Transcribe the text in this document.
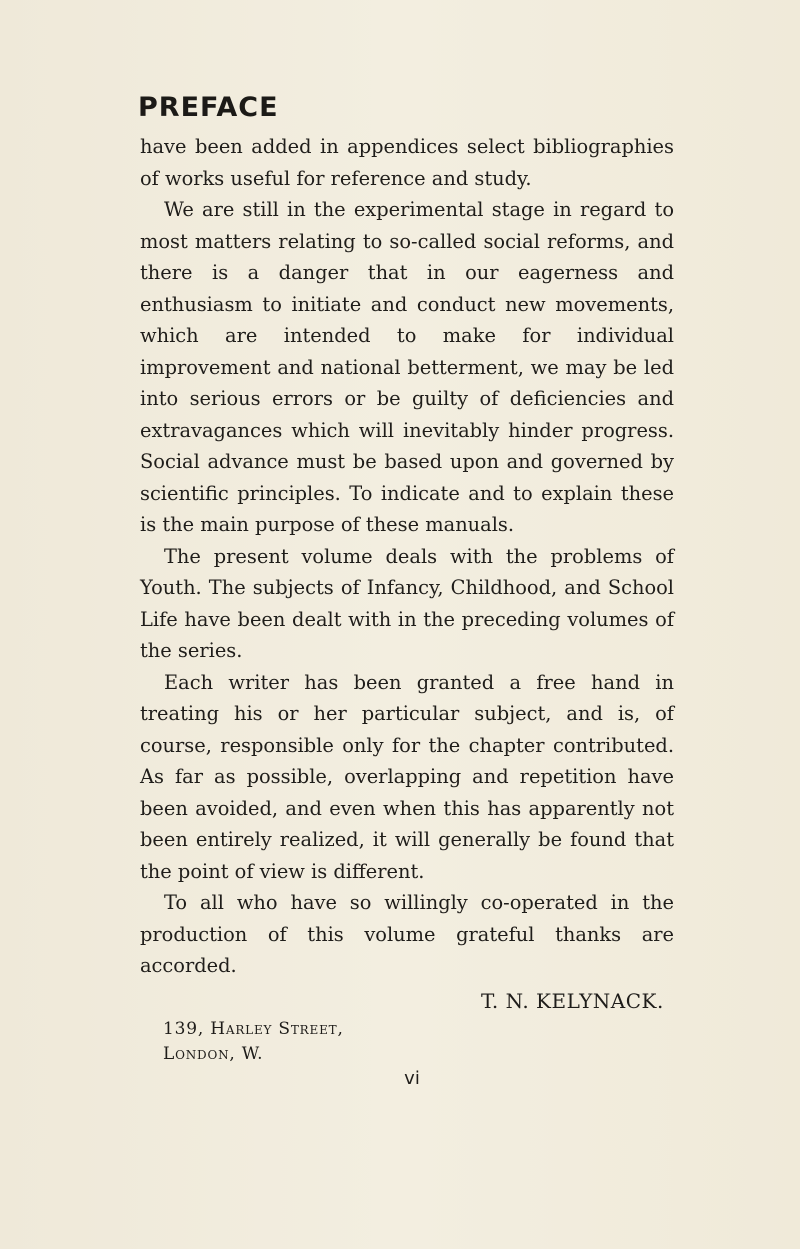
PREFACE

have been added in appendices select bibliographies of works useful for reference and study.

We are still in the experimental stage in regard to most matters relating to so-called social reforms, and there is a danger that in our eagerness and enthusiasm to initiate and conduct new movements, which are intended to make for individual improvement and national betterment, we may be led into serious errors or be guilty of deficiencies and extravagances which will inevitably hinder progress. Social advance must be based upon and governed by scientific principles. To indicate and to explain these is the main purpose of these manuals.

The present volume deals with the problems of Youth. The subjects of Infancy, Childhood, and School Life have been dealt with in the preceding volumes of the series.

Each writer has been granted a free hand in treating his or her particular subject, and is, of course, responsible only for the chapter contributed. As far as possible, overlapping and repetition have been avoided, and even when this has apparently not been entirely realized, it will generally be found that the point of view is different.

To all who have so willingly co-operated in the production of this volume grateful thanks are accorded.

T. N. KELYNACK.
139, Harley Street,
London, W.
vi
